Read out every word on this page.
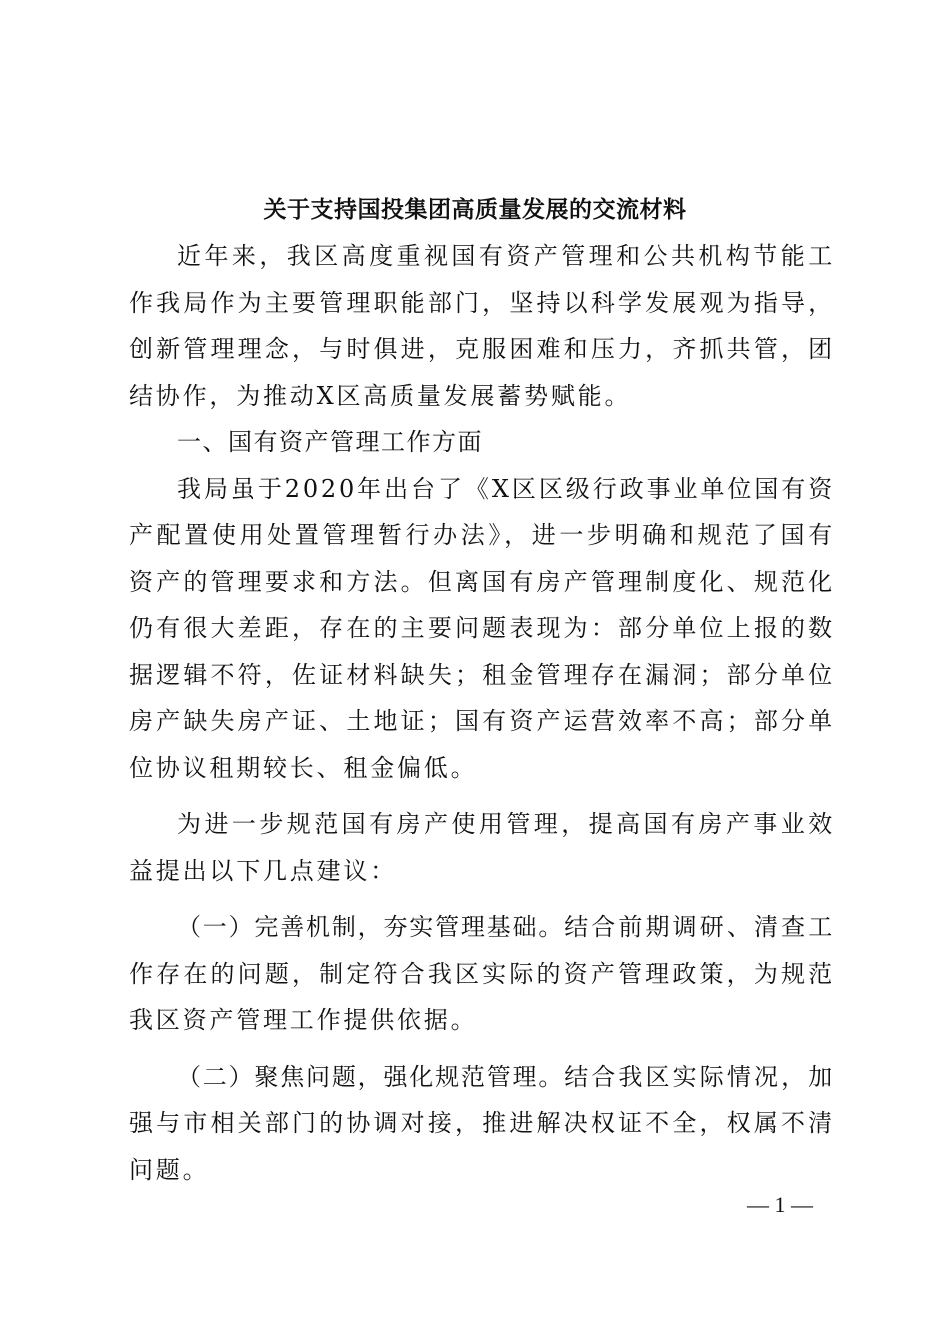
关于支持国投集团高质量发展的交流材料

近年来，我区高度重视国有资产管理和公共机构节能工作我局作为主要管理职能部门，坚持以科学发展观为指导，创新管理理念，与时俱进，克服困难和压力，齐抓共管，团结协作，为推动X区高质量发展蓄势赋能。

一、国有资产管理工作方面

我局虽于2020年出台了《X区区级行政事业单位国有资产配置使用处置管理暂行办法》，进一步明确和规范了国有资产的管理要求和方法。但离国有房产管理制度化、规范化仍有很大差距，存在的主要问题表现为：部分单位上报的数据逻辑不符，佐证材料缺失；租金管理存在漏洞；部分单位房产缺失房产证、土地证；国有资产运营效率不高；部分单位协议租期较长、租金偏低。

为进一步规范国有房产使用管理，提高国有房产事业效益提出以下几点建议：

（一）完善机制，夯实管理基础。结合前期调研、清查工作存在的问题，制定符合我区实际的资产管理政策，为规范我区资产管理工作提供依据。

（二）聚焦问题，强化规范管理。结合我区实际情况，加强与市相关部门的协调对接，推进解决权证不全，权属不清问题。

— 1 —
